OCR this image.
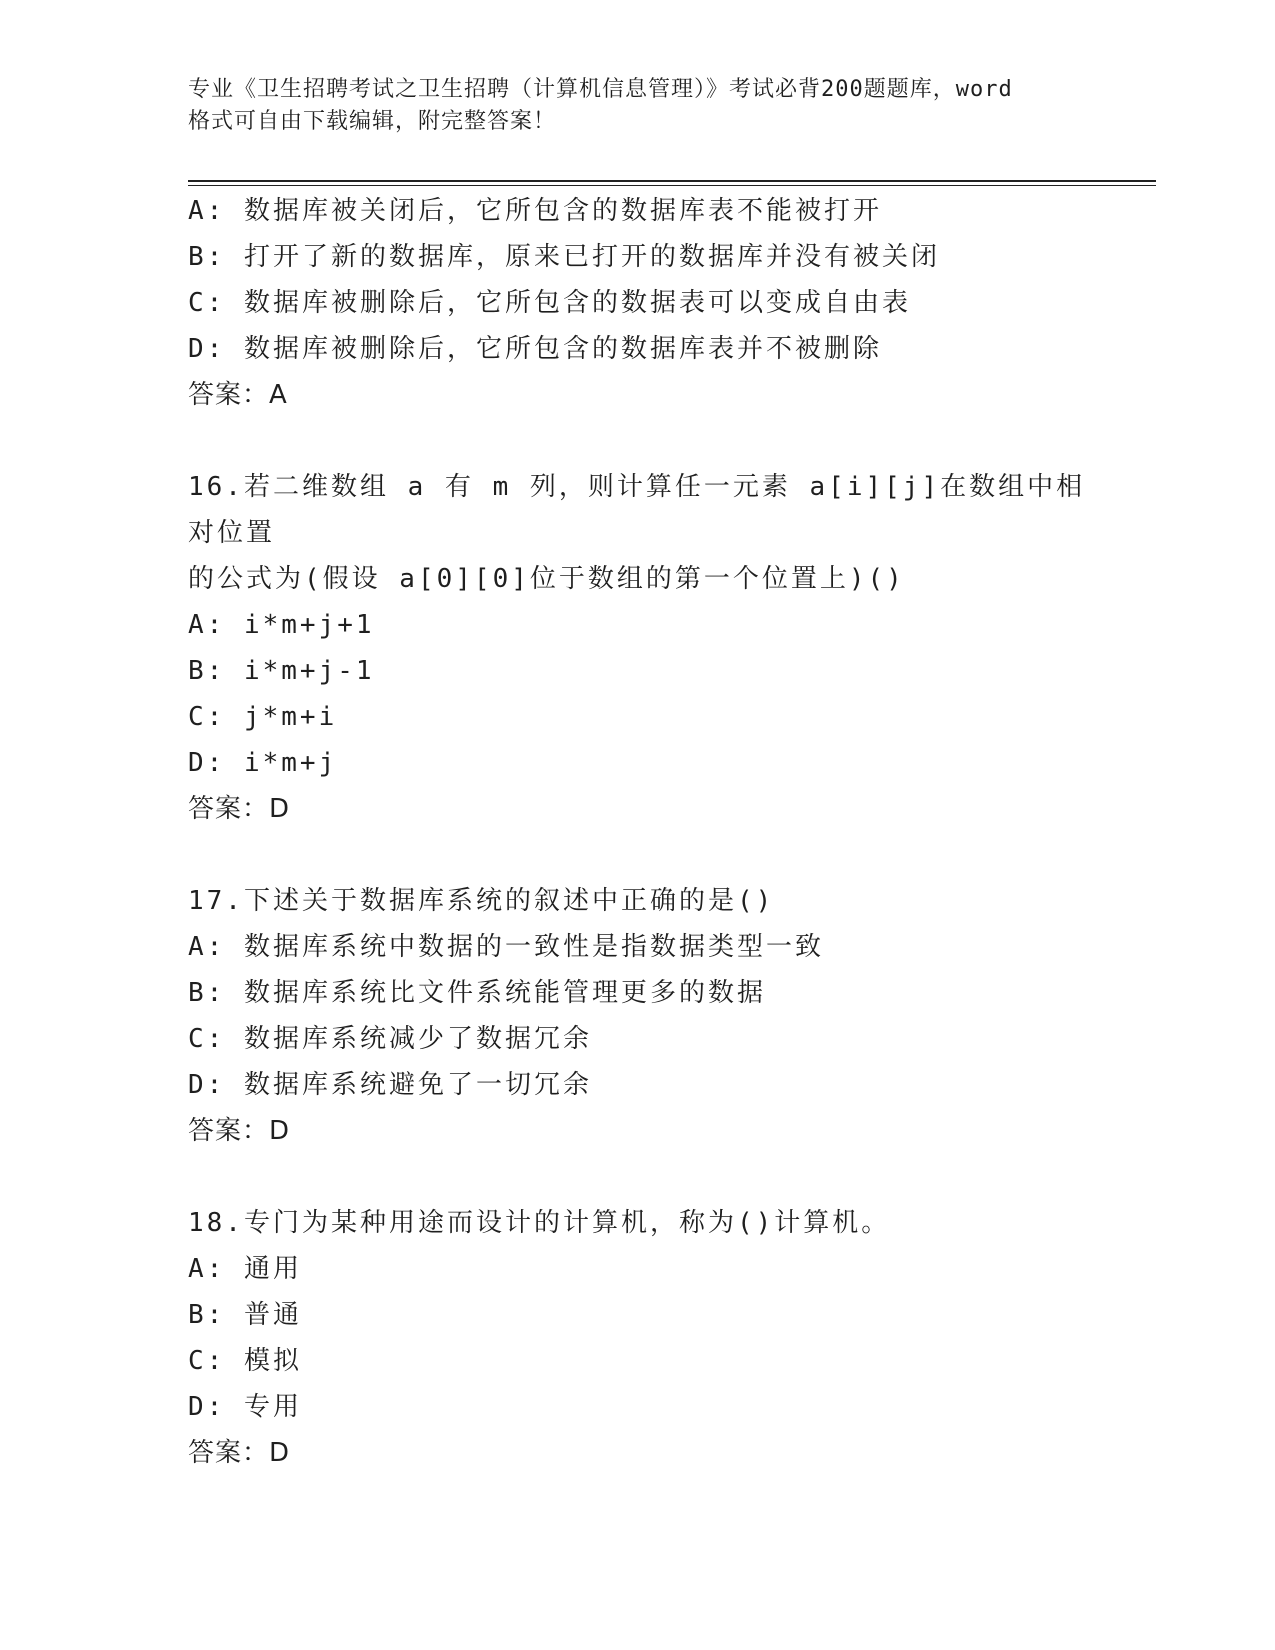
专业《卫生招聘考试之卫生招聘（计算机信息管理）》考试必背200题题库，word
格式可自由下载编辑，附完整答案！
A: 数据库被关闭后，它所包含的数据库表不能被打开
B: 打开了新的数据库，原来已打开的数据库并没有被关闭
C: 数据库被删除后，它所包含的数据表可以变成自由表
D: 数据库被删除后，它所包含的数据库表并不被删除
答案：A
16.若二维数组 a 有 m 列，则计算任一元素 a[i][j]在数组中相对位置
的公式为(假设 a[0][0]位于数组的第一个位置上)()
A: i*m+j+1
B: i*m+j-1
C: j*m+i
D: i*m+j
答案：D
17.下述关于数据库系统的叙述中正确的是()
A: 数据库系统中数据的一致性是指数据类型一致
B: 数据库系统比文件系统能管理更多的数据
C: 数据库系统减少了数据冗余
D: 数据库系统避免了一切冗余
答案：D
18.专门为某种用途而设计的计算机，称为()计算机。
A: 通用
B: 普通
C: 模拟
D: 专用
答案：D
